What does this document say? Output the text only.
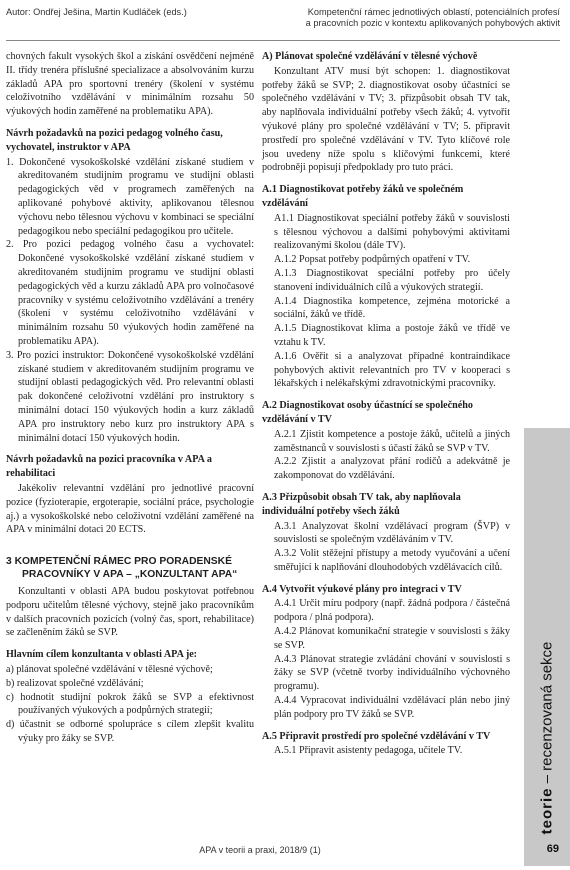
Autor: Ondřej Ješina, Martin Kudláček (eds.)	Kompetenční rámec jednotlivých oblastí, potenciálních profesí
a pracovních pozic v kontextu aplikovaných pohybových aktivit

chovných fakult vysokých škol a získání osvědčení nejméně II. třídy trenéra příslušné specializace a absolvováním kurzu základů APA pro sportovní trenéry (školení v systému celoživotního vzdělávání v minimálním rozsahu 50 výukových hodin zaměřené na problematiku APA).

Návrh požadavků na pozici pedagog volného času, vychovatel, instruktor v APA

1. Dokončené vysokoškolské vzdělání získané studiem v akreditovaném studijním programu ve studijní oblasti pedagogických věd v programech zaměřených na aplikované pohybové aktivity, aplikovanou tělesnou výchovu nebo tělesnou výchovu v kombinaci se speciální pedagogikou nebo speciální pedagogikou pro učitele.

2. Pro pozici pedagog volného času a vychovatel: Dokončené vysokoškolské vzdělání získané studiem v akreditovaném studijním programu ve studijní oblasti pedagogických věd a kurzu základů APA pro volnočasové pracovníky v systému celoživotního vzdělávání a trenéry (školení v systému celoživotního vzdělávání v minimálním rozsahu 50 výukových hodin zaměřené na problematiku APA).

3. Pro pozici instruktor: Dokončené vysokoškolské vzdělání získané studiem v akreditovaném studijním programu ve studijní oblasti pedagogických věd. Pro relevantní oblasti pak dokončené celoživotní vzdělání pro instruktory s minimální dotací 150 výukových hodin a kurz základů APA pro instruktory nebo kurz pro instruktory APA s minimální dotací 150 výukových hodin.

Návrh požadavků na pozici pracovníka v APA a rehabilitaci

Jakékoliv relevantní vzdělání pro jednotlivé pracovní pozice (fyzioterapie, ergoterapie, sociální práce, psychologie aj.) a vysokoškolské nebo celoživotní vzdělání zaměřené na APA v minimální dotaci 20 ECTS.

3 KOMPETENČNÍ RÁMEC PRO PORADENSKÉ PRACOVNÍKY V APA – „KONZULTANT APA“

Konzultanti v oblasti APA budou poskytovat potřebnou podporu učitelům tělesné výchovy, stejně jako pracovníkům v dalších pracovních pozicích (volný čas, sport, rehabilitace) se začleněním žáků se SVP.

Hlavním cílem konzultanta v oblasti APA je:

a) plánovat společné vzdělávání v tělesné výchově;

b) realizovat společné vzdělávání;

c) hodnotit studijní pokrok žáků se SVP a efektivnost používaných výukových a podpůrných strategií;

d) účastnit se odborné spolupráce s cílem zlepšit kvalitu výuky pro žáky se SVP.

A) Plánovat společné vzdělávání v tělesné výchově

Konzultant ATV musí být schopen: 1. diagnostikovat potřeby žáků se SVP; 2. diagnostikovat osoby účastnící se společného vzdělávání v TV; 3. přizpůsobit obsah TV tak, aby naplňovala individuální potřeby všech žáků; 4. vytvořit výukové plány pro společné vzdělávání v TV; 5. připravit prostředí pro společné vzdělávání v TV. Tyto klíčové role jsou uvedeny níže spolu s klíčovými funkcemi, které podrobněji popisují předpoklady pro tuto práci.

A.1 Diagnostikovat potřeby žáků ve společném vzdělávání

A1.1 Diagnostikovat speciální potřeby žáků v souvislosti s tělesnou výchovou a dalšími pohybovými aktivitami realizovanými školou (dále TV).
A.1.2 Popsat potřeby podpůrných opatření v TV.
A.1.3 Diagnostikovat speciální potřeby pro účely stanovení individuálních cílů a výukových strategií.
A.1.4 Diagnostika kompetence, zejména motorické a sociální, žáků ve třídě.
A.1.5 Diagnostikovat klima a postoje žáků ve třídě ve vztahu k TV.
A.1.6 Ověřit si a analyzovat případné kontraindikace pohybových aktivit relevantních pro TV v kooperaci s lékařských i nelékařskými zdravotnickými pracovníky.

A.2 Diagnostikovat osoby účastnící se společného vzdělávání v TV

A.2.1 Zjistit kompetence a postoje žáků, učitelů a jiných zaměstnanců v souvislosti s účastí žáků se SVP v TV.
A.2.2 Zjistit a analyzovat přání rodičů a adekvátně je zakomponovat do vzdělávání.

A.3 Přizpůsobit obsah TV tak, aby naplňovala individuální potřeby všech žáků

A.3.1 Analyzovat školní vzdělávací program (ŠVP) v souvislosti se společným vzděláváním v TV.
A.3.2 Volit stěžejní přístupy a metody vyučování a učení směřující k naplňování dlouhodobých vzdělávacích cílů.

A.4 Vytvořit výukové plány pro integraci v TV

A.4.1 Určit míru podpory (např. žádná podpora / částečná podpora / plná podpora).
A.4.2 Plánovat komunikační strategie v souvislosti s žáky se SVP.
A.4.3 Plánovat strategie zvládání chování v souvislosti s žáky se SVP (včetně tvorby individuálního výchovného programu).
A.4.4 Vypracovat individuální vzdělávací plán nebo jiný plán podpory pro TV žáků se SVP.

A.5 Připravit prostředí pro společné vzdělávání v TV

A.5.1 Připravit asistenty pedagoga, učitele TV.
teorie – recenzovaná sekce
APA v teorii a praxi, 2018/9 (1)	69
